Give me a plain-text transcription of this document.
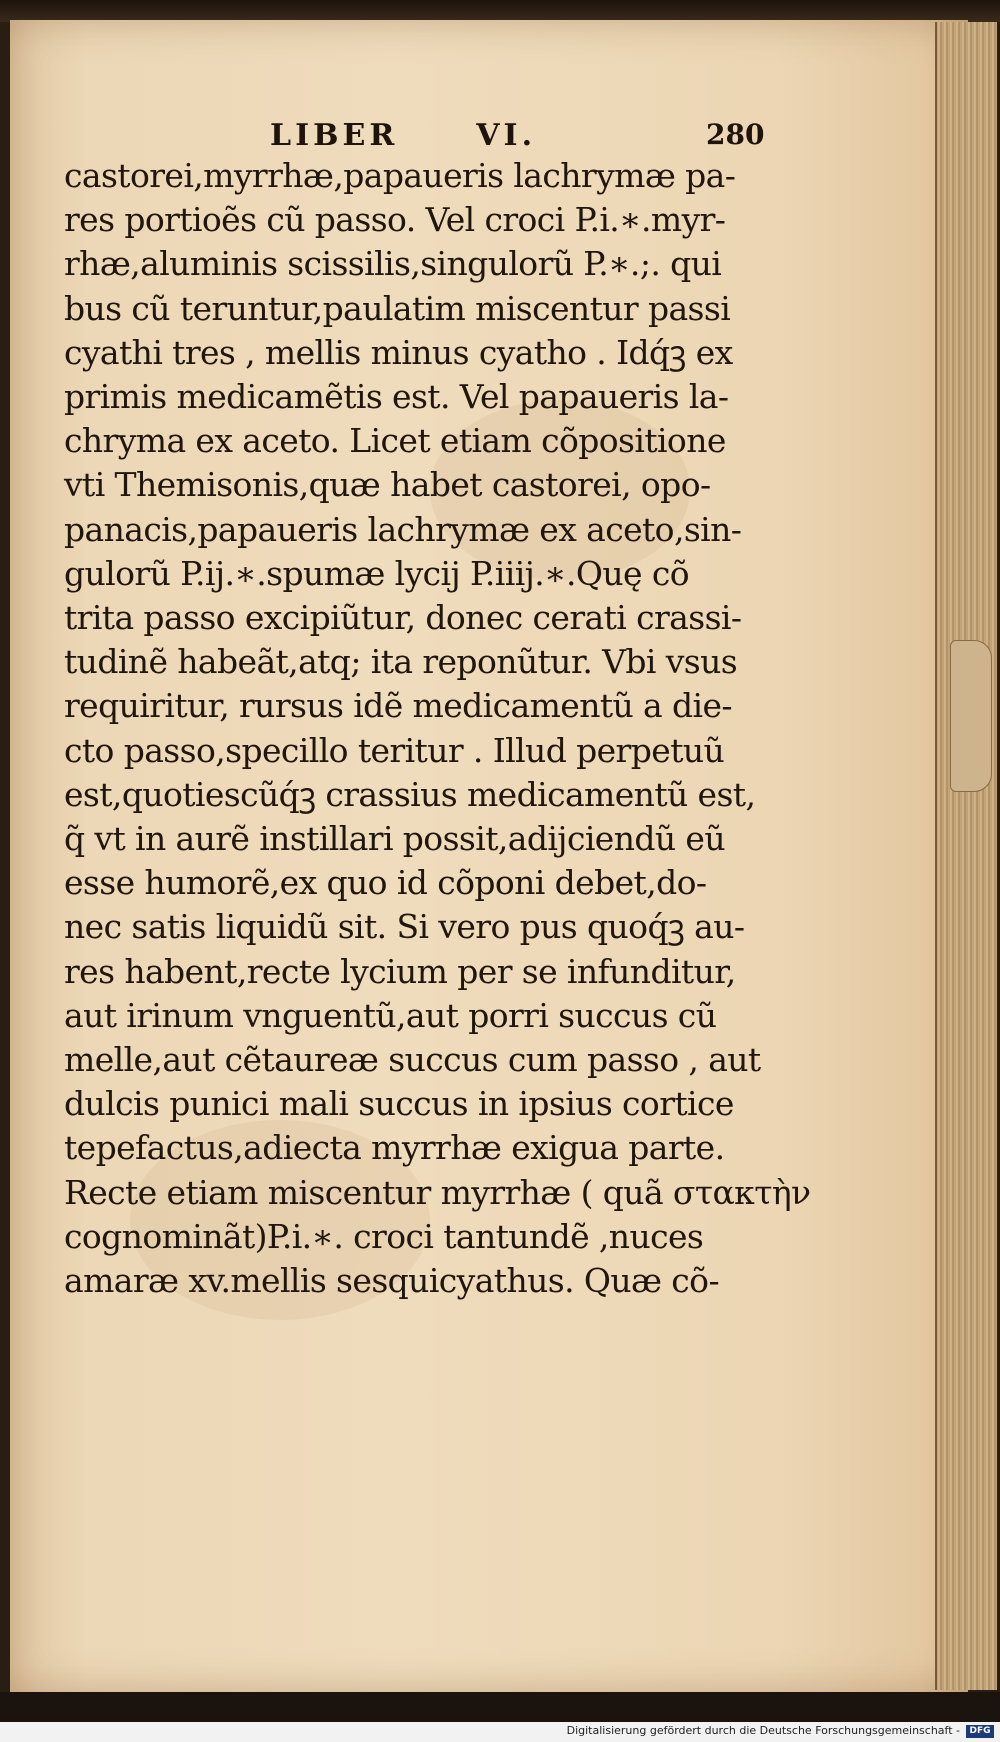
LIBER	VI.	280
castorei,myrrhæ,papaueris lachrymæ pa-
res portioẽs cũ passo. Vel croci P.i.∗.myr-
rhæ,aluminis scissilis,singulorũ P.∗.;. qui
bus cũ teruntur,paulatim miscentur passi
cyathi tres , mellis minus cyatho . Idq́ꝫ ex
primis medicamẽtis est. Vel papaueris la-
chryma ex aceto. Licet etiam cõpositione
vti Themisonis,quæ habet castorei, opo-
panacis,papaueris lachrymæ ex aceto,sin-
gulorũ P.ij.∗.spumæ lycij P.iiij.∗.Quę cõ
trita passo excipiũtur, donec cerati crassi-
tudinẽ habeãt,atq; ita reponũtur. Vbi vsus
requiritur, rursus idẽ medicamentũ a die-
cto passo,specillo teritur . Illud perpetuũ
est,quotiescũq́ꝫ crassius medicamentũ est,
q̃ vt in aurẽ instillari possit,adijciendũ eũ
esse humorẽ,ex quo id cõponi debet,do-
nec satis liquidũ sit. Si vero pus quoq́ꝫ au-
res habent,recte lycium per se infunditur,
aut irinum vnguentũ,aut porri succus cũ
melle,aut cẽtaureæ succus cum passo , aut
dulcis punici mali succus in ipsius cortice
tepefactus,adiecta myrrhæ exigua parte.
Recte etiam miscentur myrrhæ ( quã στακτὴν
cognominãt)P.i.∗. croci tantundẽ ,nuces
amaræ xv.mellis sesquicyathus. Quæ cõ-
Digitalisierung gefördert durch die Deutsche Forschungsgemeinschaft -	DFG
